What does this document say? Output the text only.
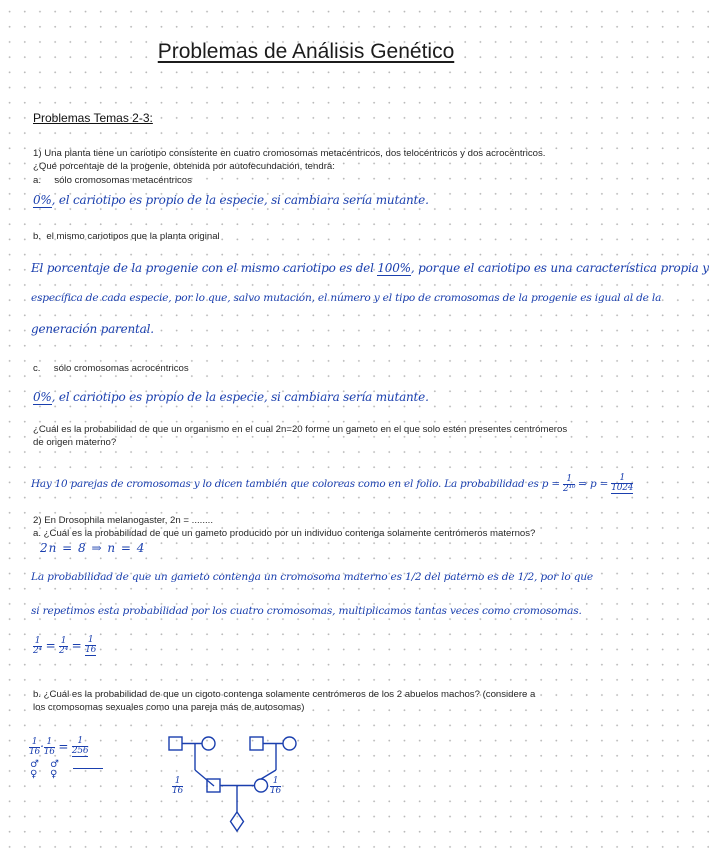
Problemas de Análisis Genético
Problemas Temas 2-3:
1) Una planta tiene un cariotipo consistente en cuatro cromosomas metacéntricos, dos telocéntricos y dos acrocéntricos.
¿Qué porcentaje de la progenie, obtenida por autofecundación, tendrá:
a. sólo cromosomas metacéntricos
0%, el cariotipo es propio de la especie, si cambiara sería mutante.
b. el mismo cariotipos que la planta original
El porcentaje de la progenie con el mismo cariotipo es del 100%, porque el cariotipo es una característica propia y
específica de cada especie, por lo que, salvo mutación, el número y el tipo de cromosomas de la progenie es igual al de la
generación parental.
c. sólo cromosomas acrocéntricos
0%, el cariotipo es propio de la especie, si cambiara sería mutante.
¿Cuál es la probabilidad de que un organismo en el cual 2n=20 forme un gameto en el que solo estén presentes centrómeros
de origen materno?
Hay 10 parejas de cromosomas y lo dicen también que coloreas como en el folio. La probabilidad es $p = \frac{1}{\text{2¹⁰}}$ ⇒ $p = \frac{1}{1024}$
2) En Drosophila melanogaster, 2n = ........
a. ¿Cuál es la probabilidad de que un gameto producido por un individuo contenga solamente centrómeros maternos?
2n = 8 ⇒ n = 4
La probabilidad de que un gameto contenga un cromosoma materno es 1/2 del paterno es de 1/2, por lo que
si repetimos esta probabilidad por los cuatro cromosomas, multiplicamos tantas veces como cromosomas.
$\frac{1}{\text{2⁴}} = \frac{1}{\text{2⁴}} = \frac{1}{16}$
b. ¿Cuál es la probabilidad de que un cigoto contenga solamente centrómeros de los 2 abuelos machos? (considere a
los cromosomas sexuales como una pareja más de autosomas)
$\frac{1}{16} \cdot \frac{1}{16} = \frac{1}{256}$
♂
♀
♂
♀
$\frac{1}{16}$	$\frac{1}{16}$
